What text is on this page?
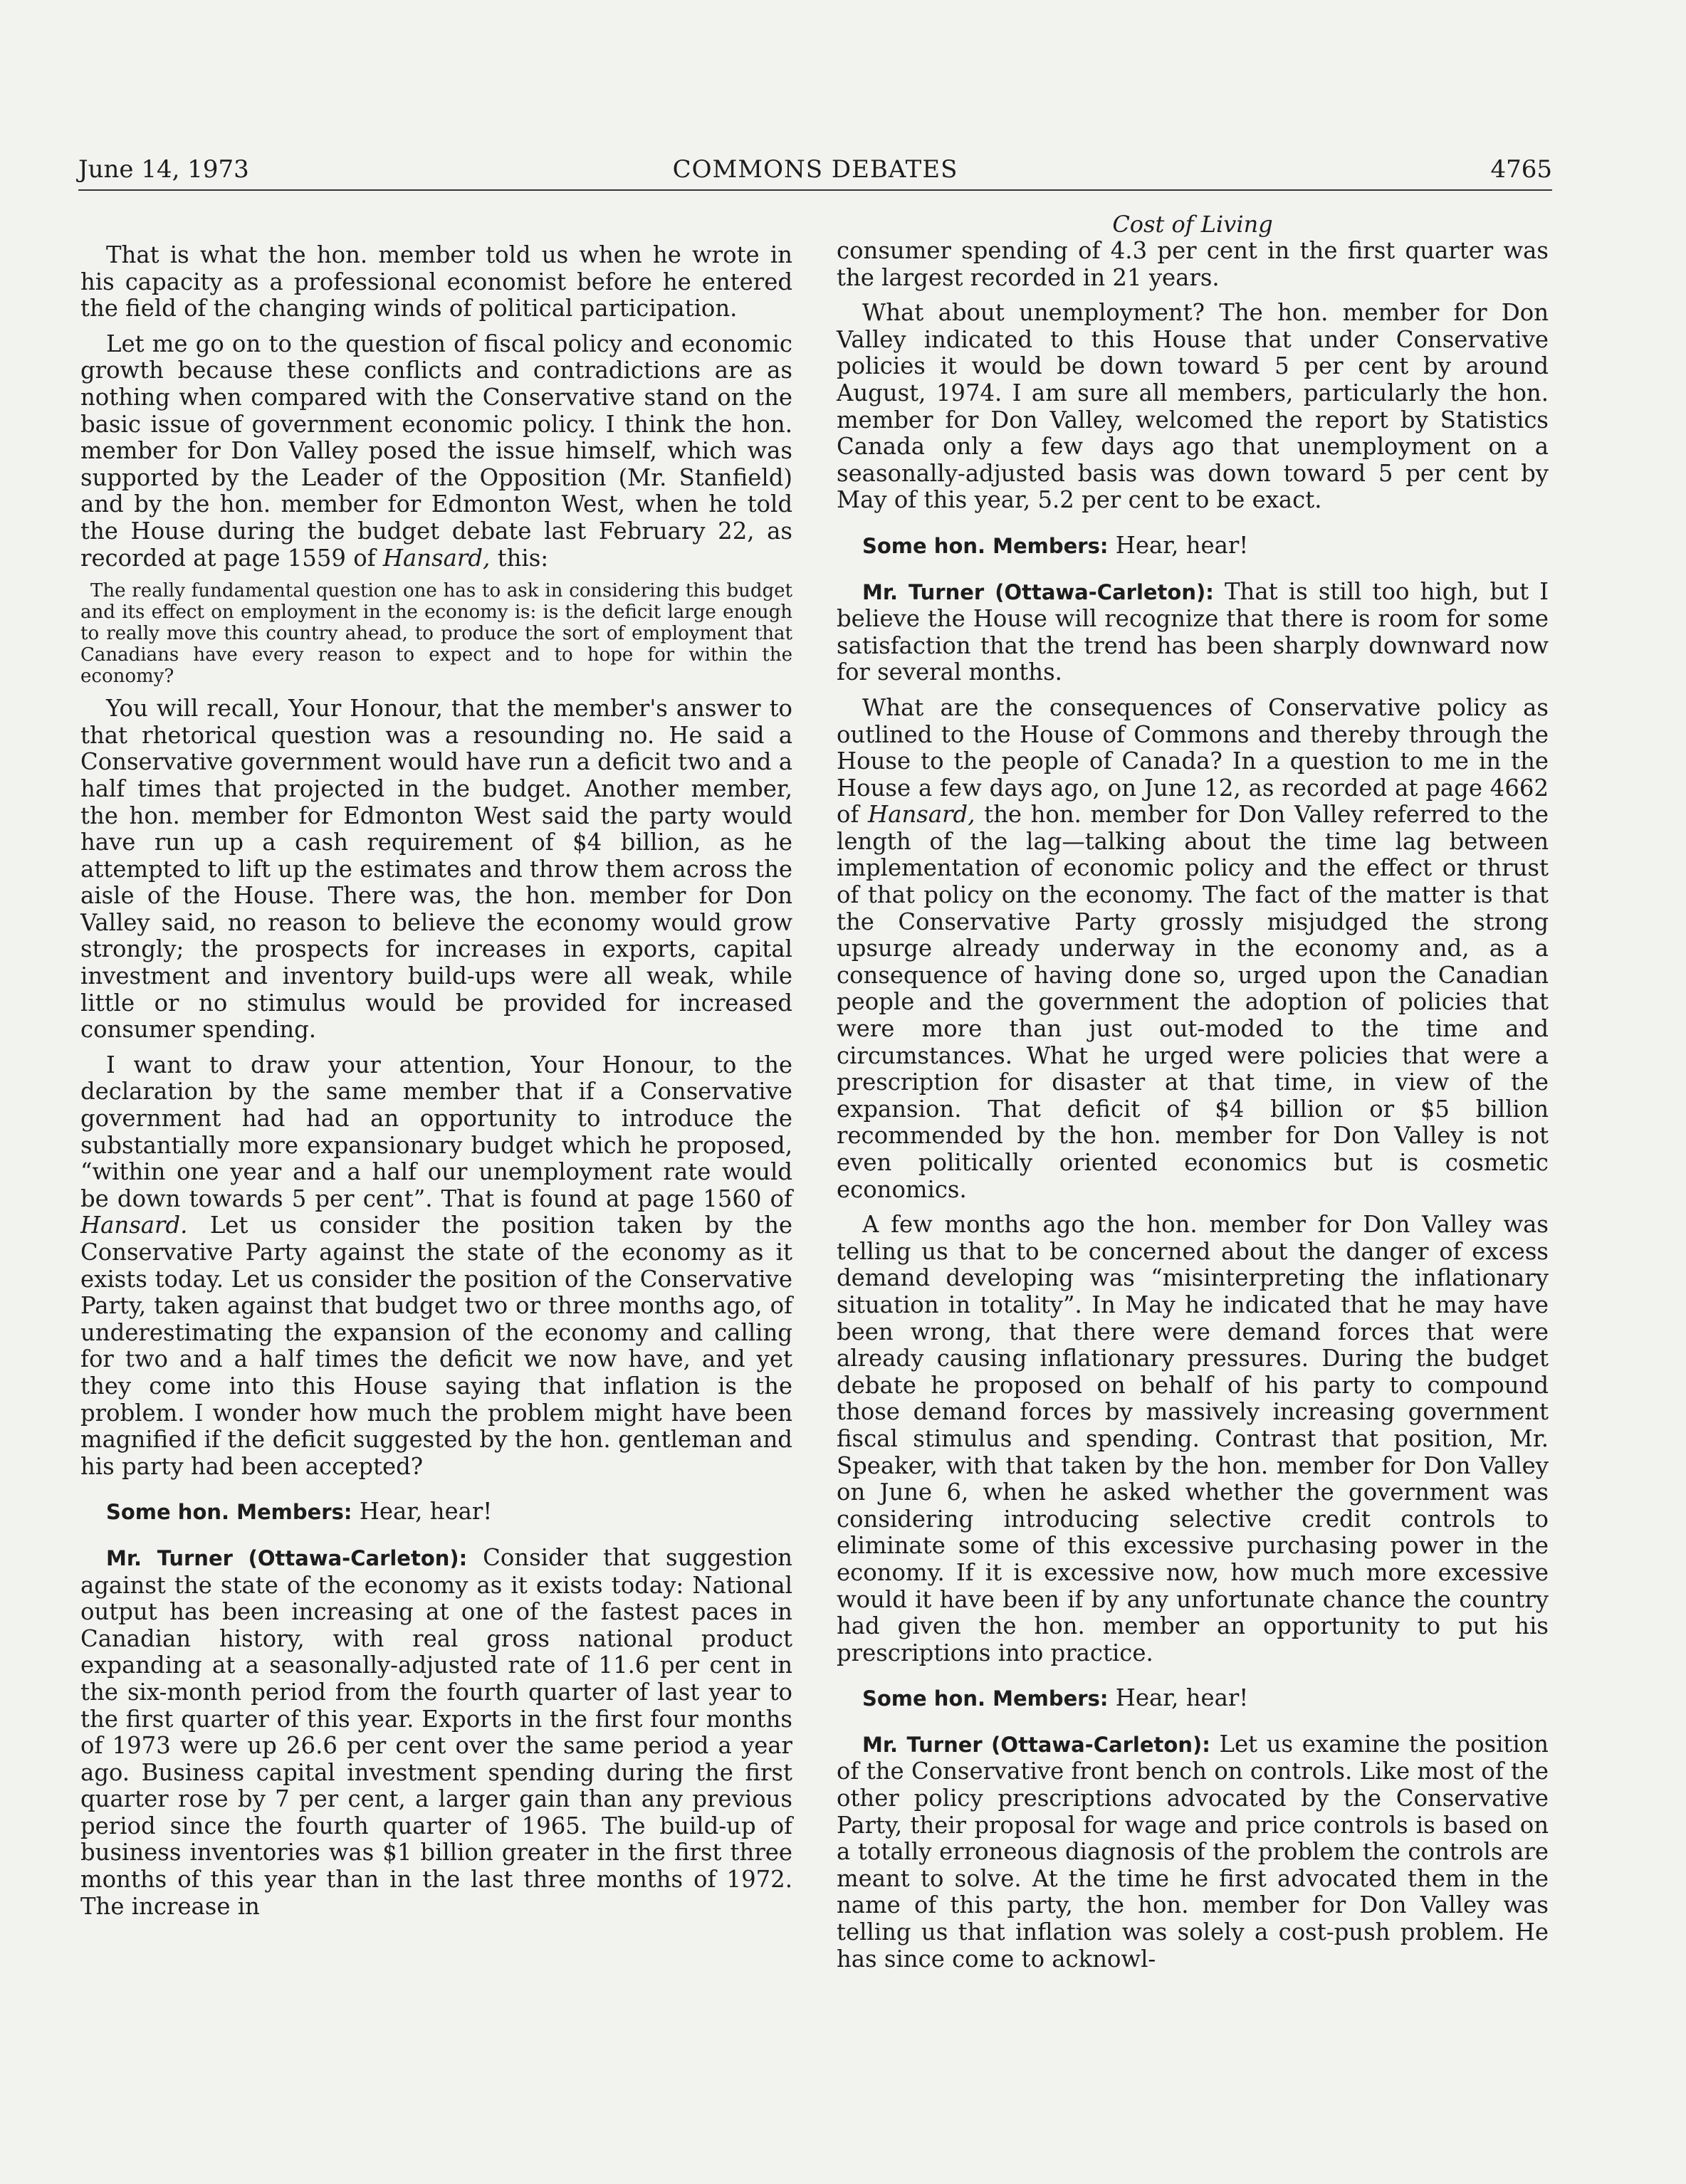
June 14, 1973	COMMONS DEBATES	4765
Cost of Living

That is what the hon. member told us when he wrote in his capacity as a professional economist before he entered the field of the changing winds of political participation.

Let me go on to the question of fiscal policy and economic growth because these conflicts and contradictions are as nothing when compared with the Conservative stand on the basic issue of government economic policy. I think the hon. member for Don Valley posed the issue himself, which was supported by the Leader of the Opposition (Mr. Stanfield) and by the hon. member for Edmonton West, when he told the House during the budget debate last February 22, as recorded at page 1559 of Hansard, this:

The really fundamental question one has to ask in considering this budget and its effect on employment in the economy is: is the deficit large enough to really move this country ahead, to produce the sort of employment that Canadians have every reason to expect and to hope for within the economy?

You will recall, Your Honour, that the member's answer to that rhetorical question was a resounding no. He said a Conservative government would have run a deficit two and a half times that projected in the budget. Another member, the hon. member for Edmonton West said the party would have run up a cash requirement of $4 billion, as he attempted to lift up the estimates and throw them across the aisle of the House. There was, the hon. member for Don Valley said, no reason to believe the economy would grow strongly; the prospects for increases in exports, capital investment and inventory build-ups were all weak, while little or no stimulus would be provided for increased consumer spending.

I want to draw your attention, Your Honour, to the declaration by the same member that if a Conservative government had had an opportunity to introduce the substantially more expansionary budget which he proposed, “within one year and a half our unemployment rate would be down towards 5 per cent”. That is found at page 1560 of Hansard. Let us consider the position taken by the Conservative Party against the state of the economy as it exists today. Let us consider the position of the Conservative Party, taken against that budget two or three months ago, of underestimating the expansion of the economy and calling for two and a half times the deficit we now have, and yet they come into this House saying that inflation is the problem. I wonder how much the problem might have been magnified if the deficit suggested by the hon. gentleman and his party had been accepted?

Some hon. Members: Hear, hear!

Mr. Turner (Ottawa-Carleton): Consider that suggestion against the state of the economy as it exists today: National output has been increasing at one of the fastest paces in Canadian history, with real gross national product expanding at a seasonally-adjusted rate of 11.6 per cent in the six-month period from the fourth quarter of last year to the first quarter of this year. Exports in the first four months of 1973 were up 26.6 per cent over the same period a year ago. Business capital investment spending during the first quarter rose by 7 per cent, a larger gain than any previous period since the fourth quarter of 1965. The build-up of business inventories was $1 billion greater in the first three months of this year than in the last three months of 1972. The increase in

consumer spending of 4.3 per cent in the first quarter was the largest recorded in 21 years.

What about unemployment? The hon. member for Don Valley indicated to this House that under Conservative policies it would be down toward 5 per cent by around August, 1974. I am sure all members, particularly the hon. member for Don Valley, welcomed the report by Statistics Canada only a few days ago that unemployment on a seasonally-adjusted basis was down toward 5 per cent by May of this year, 5.2 per cent to be exact.

Some hon. Members: Hear, hear!

Mr. Turner (Ottawa-Carleton): That is still too high, but I believe the House will recognize that there is room for some satisfaction that the trend has been sharply downward now for several months.

What are the consequences of Conservative policy as outlined to the House of Commons and thereby through the House to the people of Canada? In a question to me in the House a few days ago, on June 12, as recorded at page 4662 of Hansard, the hon. member for Don Valley referred to the length of the lag—talking about the time lag between implementation of economic policy and the effect or thrust of that policy on the economy. The fact of the matter is that the Conservative Party grossly misjudged the strong upsurge already underway in the economy and, as a consequence of having done so, urged upon the Canadian people and the government the adoption of policies that were more than just out-moded to the time and circumstances. What he urged were policies that were a prescription for disaster at that time, in view of the expansion. That deficit of $4 billion or $5 billion recommended by the hon. member for Don Valley is not even politically oriented economics but is cosmetic economics.

A few months ago the hon. member for Don Valley was telling us that to be concerned about the danger of excess demand developing was “misinterpreting the inflationary situation in totality”. In May he indicated that he may have been wrong, that there were demand forces that were already causing inflationary pressures. During the budget debate he proposed on behalf of his party to compound those demand forces by massively increasing government fiscal stimulus and spending. Contrast that position, Mr. Speaker, with that taken by the hon. member for Don Valley on June 6, when he asked whether the government was considering introducing selective credit controls to eliminate some of this excessive purchasing power in the economy. If it is excessive now, how much more excessive would it have been if by any unfortunate chance the country had given the hon. member an opportunity to put his prescriptions into practice.

Some hon. Members: Hear, hear!

Mr. Turner (Ottawa-Carleton): Let us examine the position of the Conservative front bench on controls. Like most of the other policy prescriptions advocated by the Conservative Party, their proposal for wage and price controls is based on a totally erroneous diagnosis of the problem the controls are meant to solve. At the time he first advocated them in the name of this party, the hon. member for Don Valley was telling us that inflation was solely a cost-push problem. He has since come to acknowl-
